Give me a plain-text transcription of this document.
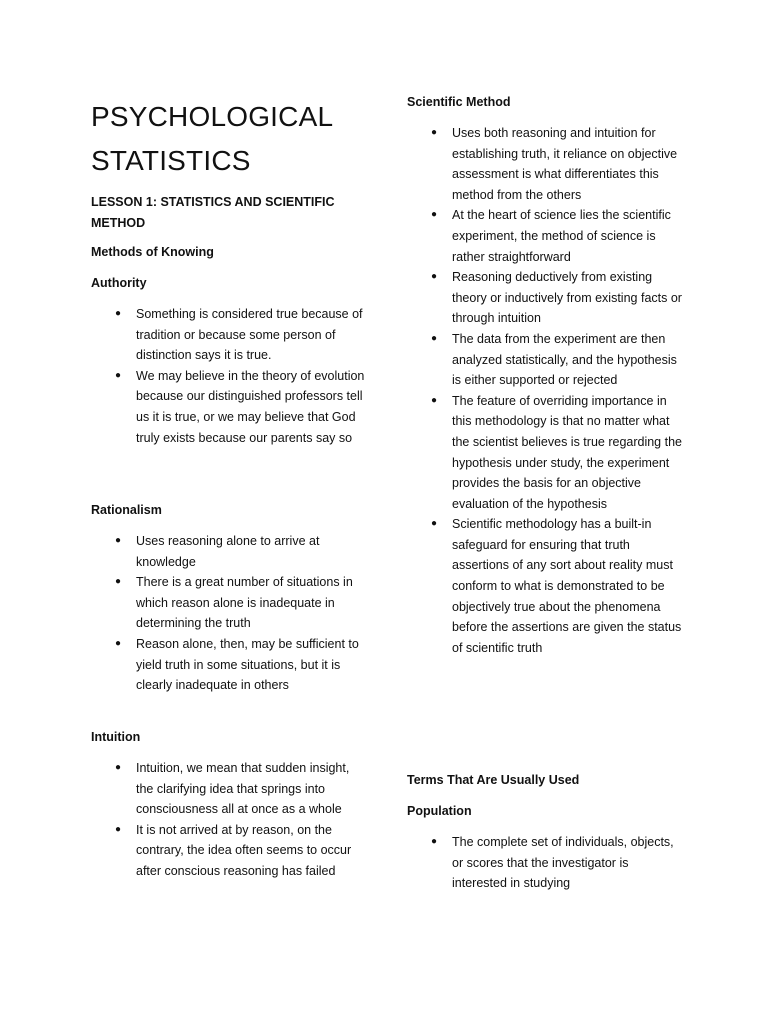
PSYCHOLOGICAL
STATISTICS
LESSON 1: STATISTICS AND SCIENTIFIC METHOD
Methods of Knowing
Authority
● Something is considered true because of tradition or because some person of distinction says it is true.
● We may believe in the theory of evolution because our distinguished professors tell us it is true, or we may believe that God truly exists because our parents say so
Rationalism
● Uses reasoning alone to arrive at knowledge
● There is a great number of situations in which reason alone is inadequate in determining the truth
● Reason alone, then, may be sufficient to yield truth in some situations, but it is clearly inadequate in others
Intuition
● Intuition, we mean that sudden insight, the clarifying idea that springs into consciousness all at once as a whole
● It is not arrived at by reason, on the contrary, the idea often seems to occur after conscious reasoning has failed
Scientific Method
● Uses both reasoning and intuition for establishing truth, it reliance on objective assessment is what differentiates this method from the others
● At the heart of science lies the scientific experiment, the method of science is rather straightforward
● Reasoning deductively from existing theory or inductively from existing facts or through intuition
● The data from the experiment are then analyzed statistically, and the hypothesis is either supported or rejected
● The feature of overriding importance in this methodology is that no matter what the scientist believes is true regarding the hypothesis under study, the experiment provides the basis for an objective evaluation of the hypothesis
● Scientific methodology has a built-in safeguard for ensuring that truth assertions of any sort about reality must conform to what is demonstrated to be objectively true about the phenomena before the assertions are given the status of scientific truth
Terms That Are Usually Used
Population
● The complete set of individuals, objects, or scores that the investigator is interested in studying
